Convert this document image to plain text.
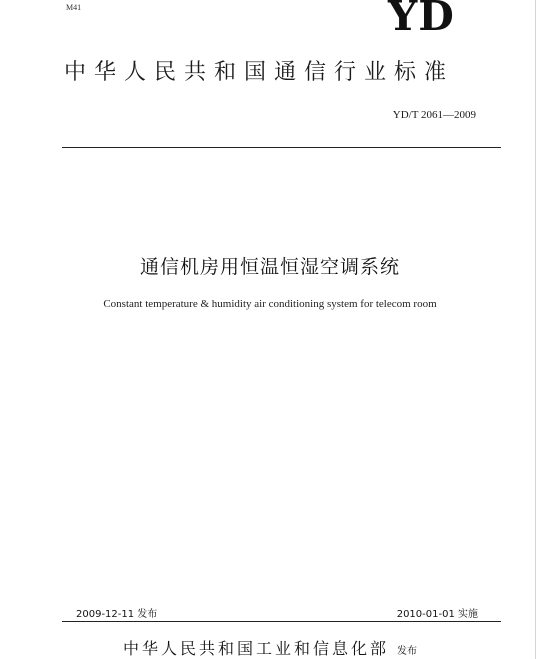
M41	YD
中华人民共和国通信行业标准
YD/T 2061—2009
通信机房用恒温恒湿空调系统
Constant temperature & humidity air conditioning system for telecom room
2009-12-11 发布	2010-01-01 实施
中华人民共和国工业和信息化部 发布
